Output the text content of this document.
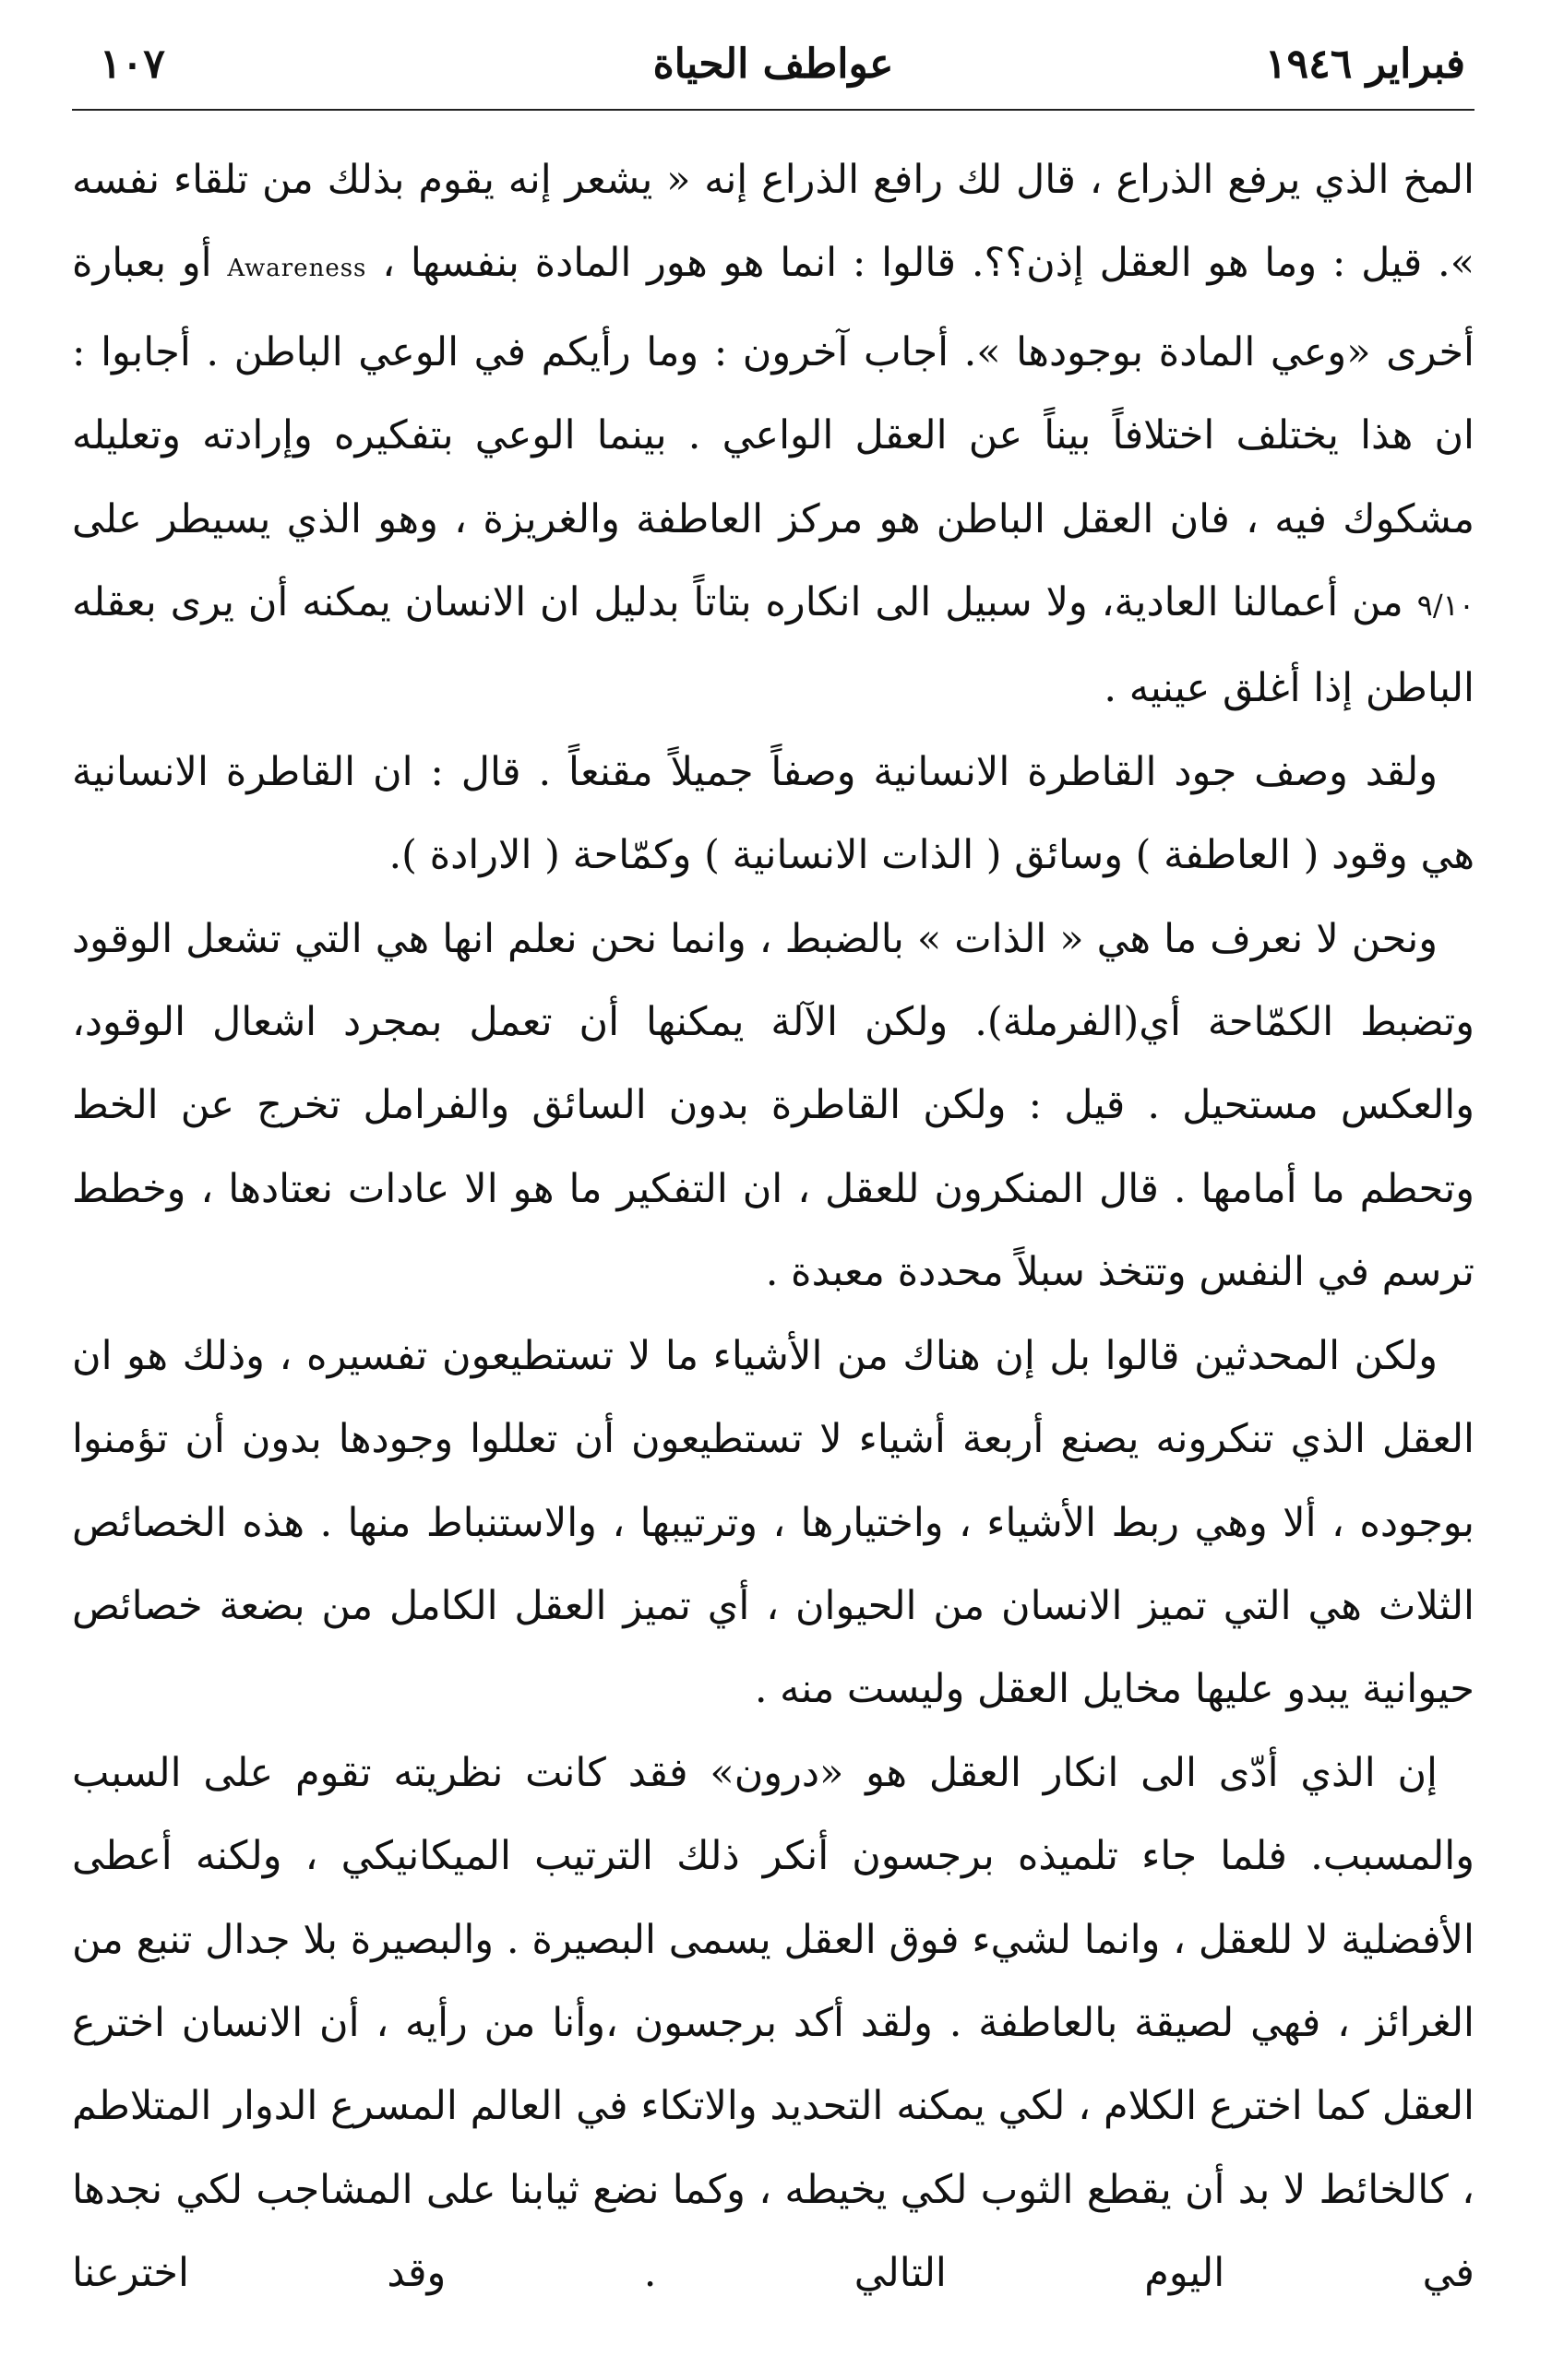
فبراير ١٩٤٦
عواطف الحياة
١٠٧

المخ الذي يرفع الذراع ، قال لك رافع الذراع إنه « يشعر إنه يقوم بذلك من تلقاء نفسه ». قيل : وما هو العقل إذن؟؟. قالوا : انما هو هور المادة بنفسها ، Awareness أو بعبارة أخرى «وعي المادة بوجودها ». أجاب آخرون : وما رأيكم في الوعي الباطن . أجابوا : ان هذا يختلف اختلافاً بيناً عن العقل الواعي . بينما الوعي بتفكيره وإرادته وتعليله مشكوك فيه ، فان العقل الباطن هو مركز العاطفة والغريزة ، وهو الذي يسيطر على ٩/١٠ من أعمالنا العادية، ولا سبيل الى انكاره بتاتاً بدليل ان الانسان يمكنه أن يرى بعقله الباطن إذا أغلق عينيه .

ولقد وصف جود القاطرة الانسانية وصفاً جميلاً مقنعاً . قال : ان القاطرة الانسانية هي وقود ( العاطفة ) وسائق ( الذات الانسانية ) وكمّاحة ( الارادة ).

ونحن لا نعرف ما هي « الذات » بالضبط ، وانما نحن نعلم انها هي التي تشعل الوقود وتضبط الكمّاحة أي(الفرملة). ولكن الآلة يمكنها أن تعمل بمجرد اشعال الوقود، والعكس مستحيل . قيل : ولكن القاطرة بدون السائق والفرامل تخرج عن الخط وتحطم ما أمامها . قال المنكرون للعقل ، ان التفكير ما هو الا عادات نعتادها ، وخطط ترسم في النفس وتتخذ سبلاً محددة معبدة .

ولكن المحدثين قالوا بل إن هناك من الأشياء ما لا تستطيعون تفسيره ، وذلك هو ان العقل الذي تنكرونه يصنع أربعة أشياء لا تستطيعون أن تعللوا وجودها بدون أن تؤمنوا بوجوده ، ألا وهي ربط الأشياء ، واختيارها ، وترتيبها ، والاستنباط منها . هذه الخصائص الثلاث هي التي تميز الانسان من الحيوان ، أي تميز العقل الكامل من بضعة خصائص حيوانية يبدو عليها مخايل العقل وليست منه .

إن الذي أدّى الى انكار العقل هو «درون» فقد كانت نظريته تقوم على السبب والمسبب. فلما جاء تلميذه برجسون أنكر ذلك الترتيب الميكانيكي ، ولكنه أعطى الأفضلية لا للعقل ، وانما لشيء فوق العقل يسمى البصيرة . والبصيرة بلا جدال تنبع من الغرائز ، فهي لصيقة بالعاطفة . ولقد أكد برجسون ،وأنا من رأيه ، أن الانسان اخترع العقل كما اخترع الكلام ، لكي يمكنه التحديد والاتكاء في العالم المسرع الدوار المتلاطم ، كالخائط لا بد أن يقطع الثوب لكي يخيطه ، وكما نضع ثيابنا على المشاجب لكي نجدها في اليوم التالي . وقد اخترعنا
